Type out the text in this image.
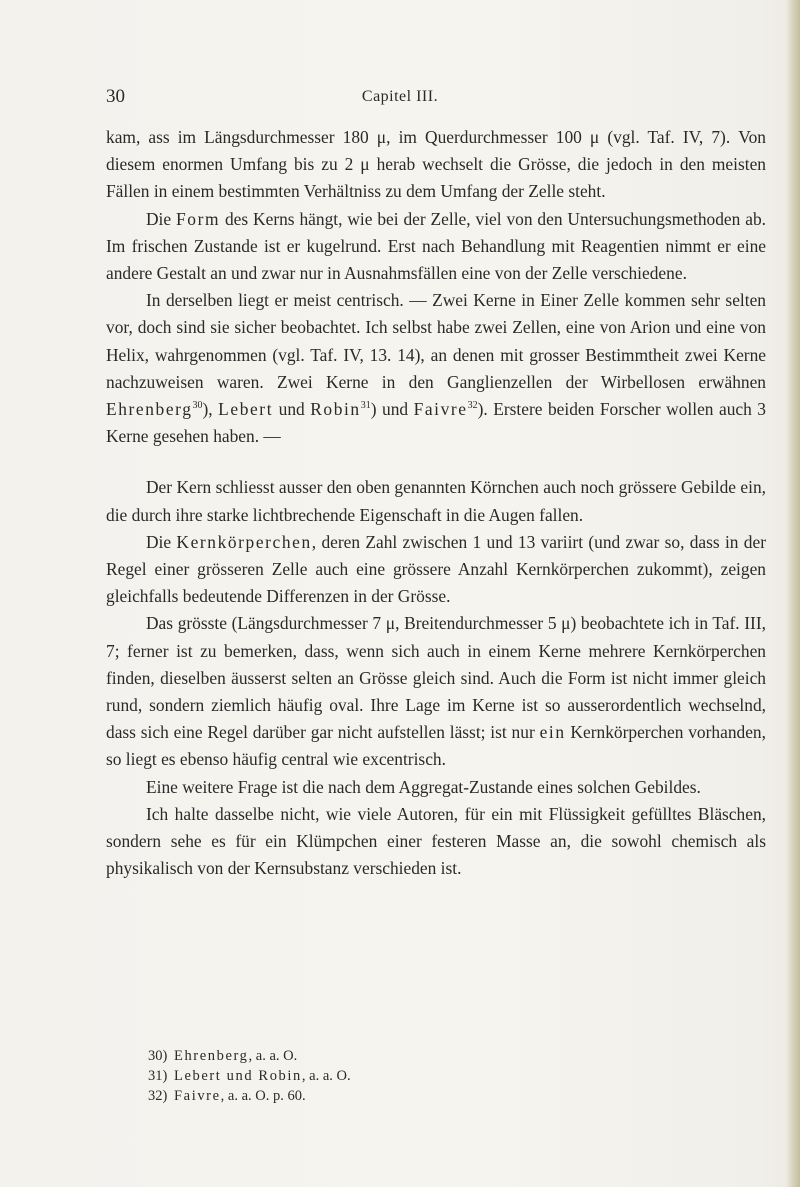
30	Capitel III.

kam, ass im Längsdurchmesser 180 μ, im Querdurchmesser 100 μ (vgl. Taf. IV, 7). Von diesem enormen Umfang bis zu 2 μ herab wechselt die Grösse, die jedoch in den meisten Fällen in einem bestimmten Verhältniss zu dem Umfang der Zelle steht.

Die Form des Kerns hängt, wie bei der Zelle, viel von den Untersuchungsmethoden ab. Im frischen Zustande ist er kugelrund. Erst nach Behandlung mit Reagentien nimmt er eine andere Gestalt an und zwar nur in Ausnahmsfällen eine von der Zelle verschiedene.

In derselben liegt er meist centrisch. — Zwei Kerne in Einer Zelle kommen sehr selten vor, doch sind sie sicher beobachtet. Ich selbst habe zwei Zellen, eine von Arion und eine von Helix, wahrgenommen (vgl. Taf. IV, 13. 14), an denen mit grosser Bestimmtheit zwei Kerne nachzuweisen waren. Zwei Kerne in den Ganglienzellen der Wirbellosen erwähnen Ehrenberg$^{30}$), Lebert und Robin$^{31}$) und Faivre$^{32}$). Erstere beiden Forscher wollen auch 3 Kerne gesehen haben. —

Der Kern schliesst ausser den oben genannten Körnchen auch noch grössere Gebilde ein, die durch ihre starke lichtbrechende Eigenschaft in die Augen fallen.

Die Kernkörperchen, deren Zahl zwischen 1 und 13 variirt (und zwar so, dass in der Regel einer grösseren Zelle auch eine grössere Anzahl Kernkörperchen zukommt), zeigen gleichfalls bedeutende Differenzen in der Grösse.

Das grösste (Längsdurchmesser 7 μ, Breitendurchmesser 5 μ) beobachtete ich in Taf. III, 7; ferner ist zu bemerken, dass, wenn sich auch in einem Kerne mehrere Kernkörperchen finden, dieselben äusserst selten an Grösse gleich sind. Auch die Form ist nicht immer gleich rund, sondern ziemlich häufig oval. Ihre Lage im Kerne ist so ausserordentlich wechselnd, dass sich eine Regel darüber gar nicht aufstellen lässt; ist nur ein Kernkörperchen vorhanden, so liegt es ebenso häufig central wie excentrisch.

Eine weitere Frage ist die nach dem Aggregat-Zustande eines solchen Gebildes.

Ich halte dasselbe nicht, wie viele Autoren, für ein mit Flüssigkeit gefülltes Bläschen, sondern sehe es für ein Klümpchen einer festeren Masse an, die sowohl chemisch als physikalisch von der Kernsubstanz verschieden ist.

30) Ehrenberg, a. a. O.
31) Lebert und Robin, a. a. O.
32) Faivre, a. a. O. p. 60.
